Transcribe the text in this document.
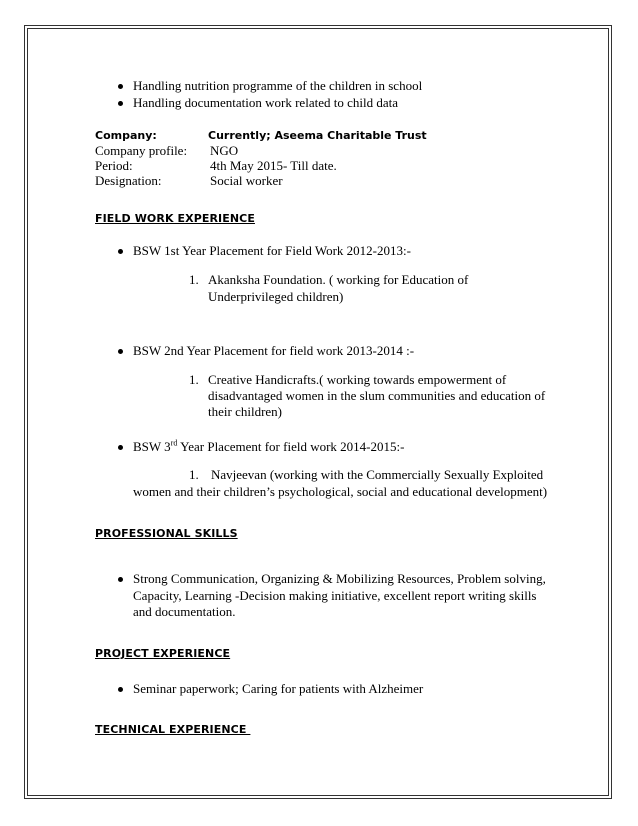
Handling nutrition programme of the children in school
Handling documentation work related to child data
Company:	Currently; Aseema Charitable Trust
Company profile: NGO
Period:	4th May 2015- Till date.
Designation:	Social worker
FIELD WORK EXPERIENCE
BSW 1st Year Placement for Field Work 2012-2013:-
1. Akanksha Foundation. ( working for Education of
Underprivileged children)
BSW 2nd Year Placement for field work 2013-2014 :-
1. Creative Handicrafts.( working towards empowerment of
disadvantaged women in the slum communities and education of
their children)
BSW 3rd Year Placement for field work 2014-2015:-
1. Navjeevan (working with the Commercially Sexually Exploited
women and their children’s psychological, social and educational development)
PROFESSIONAL SKILLS
Strong Communication, Organizing & Mobilizing Resources, Problem solving,
Capacity, Learning -Decision making initiative, excellent report writing skills
and documentation.
PROJECT EXPERIENCE
Seminar paperwork; Caring for patients with Alzheimer
TECHNICAL EXPERIENCE
